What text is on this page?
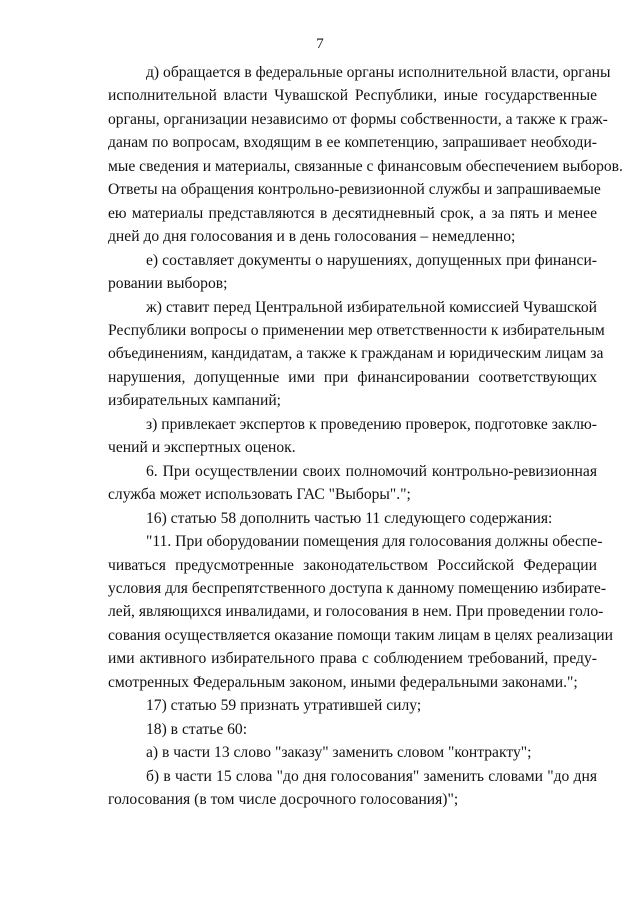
7
д) обращается в федеральные органы исполнительной власти, органы
исполнительной власти Чувашской Республики, иные государственные
органы, организации независимо от формы собственности, а также к граж-
данам по вопросам, входящим в ее компетенцию, запрашивает необходи-
мые сведения и материалы, связанные с финансовым обеспечением выборов.
Ответы на обращения контрольно-ревизионной службы и запрашиваемые
ею материалы представляются в десятидневный срок, а за пять и менее
дней до дня голосования и в день голосования – немедленно;
е) составляет документы о нарушениях, допущенных при финанси-
ровании выборов;
ж) ставит перед Центральной избирательной комиссией Чувашской
Республики вопросы о применении мер ответственности к избирательным
объединениям, кандидатам, а также к гражданам и юридическим лицам за
нарушения, допущенные ими при финансировании соответствующих
избирательных кампаний;
з) привлекает экспертов к проведению проверок, подготовке заклю-
чений и экспертных оценок.
6. При осуществлении своих полномочий контрольно-ревизионная
служба может использовать ГАС "Выборы".";
16) статью 58 дополнить частью 11 следующего содержания:
"11. При оборудовании помещения для голосования должны обеспе-
чиваться предусмотренные законодательством Российской Федерации
условия для беспрепятственного доступа к данному помещению избирате-
лей, являющихся инвалидами, и голосования в нем. При проведении голо-
сования осуществляется оказание помощи таким лицам в целях реализации
ими активного избирательного права с соблюдением требований, преду-
смотренных Федеральным законом, иными федеральными законами.";
17) статью 59 признать утратившей силу;
18) в статье 60:
а) в части 13 слово "заказу" заменить словом "контракту";
б) в части 15 слова "до дня голосования" заменить словами "до дня
голосования (в том числе досрочного голосования)";
